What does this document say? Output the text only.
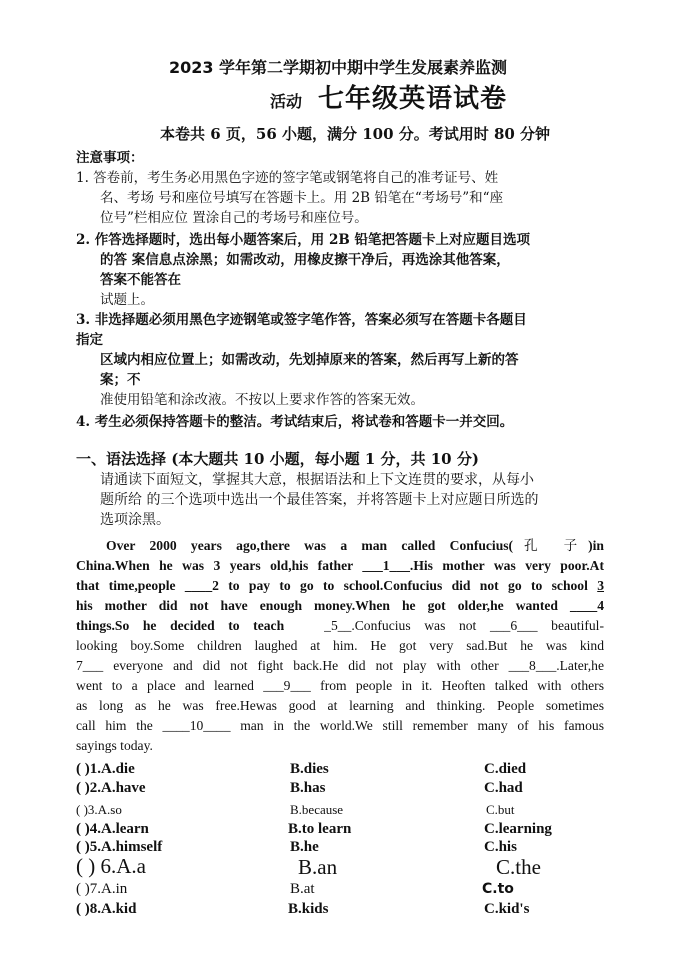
2023 学年第二学期初中期中学生发展素养监测
活动 七年级英语试卷
本卷共 6 页，56 小题，满分 100 分。考试用时 80 分钟
注意事项：
1. 答卷前，考生务必用黑色字迹的签字笔或钢笔将自己的准考证号、姓
名、考场 号和座位号填写在答题卡上。用 2B 铅笔在“考场号”和“座
位号”栏相应位 置涂自己的考场号和座位号。
2. 作答选择题时，选出每小题答案后，用 2B 铅笔把答题卡上对应题目选项
的答 案信息点涂黑；如需改动，用橡皮擦干净后，再选涂其他答案，
答案不能答在
试题上。
3. 非选择题必须用黑色字迹钢笔或签字笔作答，答案必须写在答题卡各题目
指定
区域内相应位置上；如需改动，先划掉原来的答案，然后再写上新的答
案；不
准使用铅笔和涂改液。不按以上要求作答的答案无效。
4. 考生必须保持答题卡的整洁。考试结束后，将试卷和答题卡一并交回。
一、语法选择 (本大题共 10 小题，每小题 1 分，共 10 分)
请通读下面短文，掌握其大意，根据语法和上下文连贯的要求，从每小
题所给 的三个选项中选出一个最佳答案，并将答题卡上对应题日所选的
选项涂黑。
Over 2000 years ago,there was a man called Confucius(孔 子)in
China.When he was 3 years old,his father ___1___.His mother was very poor.At
that time,people ____2 to pay to go to school.Confucius did not go to school 3
his mother did not have enough money.When he got older,he wanted ____4
things.So he decided to teach	_5__.Confucius was not ___6___ beautiful-
looking boy.Some children laughed at him. He got very sad.But he was kind
7___ everyone and did not fight back.He did not play with other ___8___.Later,he
went to a place and learned ___9___ from people in it. Heoften talked with others
as long as he was free.Hewas good at learning and thinking. People sometimes
call him the ____10____ man in the world.We still remember many of his famous
sayings today.
( )1.A.die	B.dies	C.died
( )2.A.have	B.has	C.had
( )3.A.so	B.because	C.but
( )4.A.learn	B.to learn	C.learning
( )5.A.himself	B.he	C.his
( ) 6.A.a	B.an	C.the
( )7.A.in	B.at	C.to
( )8.A.kid	B.kids	C.kid's
